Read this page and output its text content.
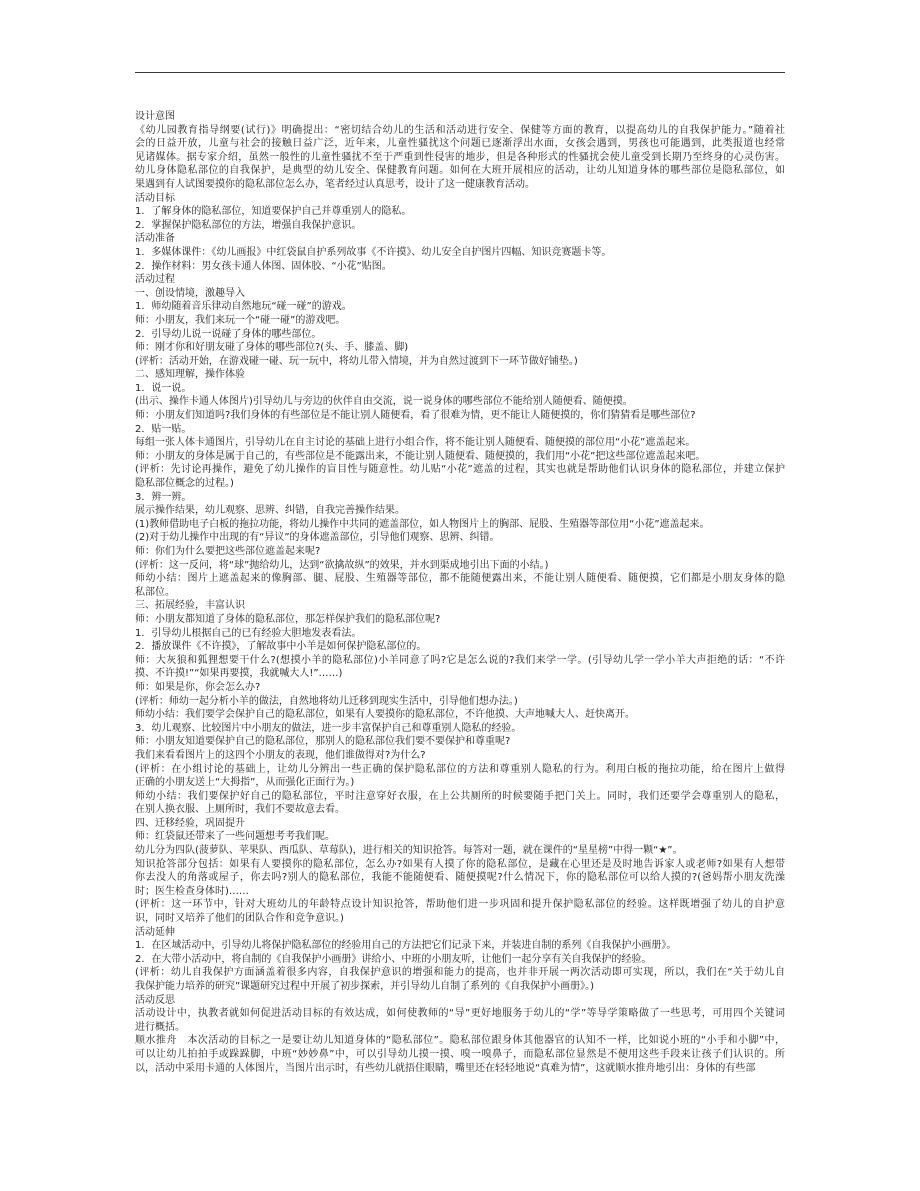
设计意图
《幼儿园教育指导纲要(试行)》明确提出：“密切结合幼儿的生活和活动进行安全、保健等方面的教育，以提高幼儿的自我保护能力。”随着社
会的日益开放，儿童与社会的接触日益广泛，近年来，儿童性骚扰这个问题已逐渐浮出水面，女孩会遇到，男孩也可能遇到，此类报道也经常
见诸媒体。据专家介绍，虽然一般性的儿童性骚扰不至于严重到性侵害的地步，但是各种形式的性骚扰会使儿童受到长期乃至终身的心灵伤害。
幼儿身体隐私部位的自我保护，是典型的幼儿安全、保健教育问题。如何在大班开展相应的活动，让幼儿知道身体的哪些部位是隐私部位，如
果遇到有人试图要摸你的隐私部位怎么办，笔者经过认真思考，设计了这一健康教育活动。
活动目标
1．了解身体的隐私部位，知道要保护自己并尊重别人的隐私。
2．掌握保护隐私部位的方法，增强自我保护意识。
活动准备
1．多媒体课件：《幼儿画报》中红袋鼠自护系列故事《不许摸》、幼儿安全自护图片四幅、知识竞赛题卡等。
2．操作材料：男女孩卡通人体图、固体胶、“小花”贴图。
活动过程
一、创设情境，激趣导入
1．师幼随着音乐律动自然地玩“碰一碰”的游戏。
师：小朋友，我们来玩一个“碰一碰”的游戏吧。
2．引导幼儿说一说碰了身体的哪些部位。
师：刚才你和好朋友碰了身体的哪些部位?(头、手、膝盖、脚)
(评析：活动开始，在游戏碰一碰、玩一玩中，将幼儿带入情境，并为自然过渡到下一环节做好铺垫。)
二、感知理解，操作体验
1．说一说。
(出示、操作卡通人体图片)引导幼儿与旁边的伙伴自由交流，说一说身体的哪些部位不能给别人随便看、随便摸。
师：小朋友们知道吗?我们身体的有些部位是不能让别人随便看，看了很难为情，更不能让人随便摸的，你们猜猜看是哪些部位?
2．贴一贴。
每组一张人体卡通图片，引导幼儿在自主讨论的基础上进行小组合作，将不能让别人随便看、随便摸的部位用“小花”遮盖起来。
师：小朋友的身体是属于自己的，有些部位是不能露出来，不能让别人随便看、随便摸的，我们用“小花”把这些部位遮盖起来吧。
(评析：先讨论再操作，避免了幼儿操作的盲目性与随意性。幼儿贴“小花”遮盖的过程，其实也就是帮助他们认识身体的隐私部位，并建立保护
隐私部位概念的过程。)
3．辨一辨。
展示操作结果，幼儿观察、思辨、纠错，自我完善操作结果。
(1)教师借助电子白板的拖拉功能，将幼儿操作中共同的遮盖部位，如人物图片上的胸部、屁股、生殖器等部位用“小花”遮盖起来。
(2)对于幼儿操作中出现的有“异议”的身体遮盖部位，引导他们观察、思辨、纠错。
师：你们为什么要把这些部位遮盖起来呢?
(评析：这一反问，将“球”抛给幼儿，达到“欲擒故纵”的效果，并水到渠成地引出下面的小结。)
师幼小结：图片上遮盖起来的像胸部、腿、屁股、生殖器等部位，都不能随便露出来，不能让别人随便看、随便摸，它们都是小朋友身体的隐
私部位。
三、拓展经验，丰富认识
师：小朋友都知道了身体的隐私部位，那怎样保护我们的隐私部位呢?
1．引导幼儿根据自己的已有经验大胆地发表看法。
2．播放课件《不许摸》，了解故事中小羊是如何保护隐私部位的。
师：大灰狼和狐狸想要干什么?(想摸小羊的隐私部位)小羊同意了吗?它是怎么说的?我们来学一学。(引导幼儿学一学小羊大声拒绝的话：“不许
摸、不许摸!”“如果再要摸，我就喊大人!”……)
师：如果是你，你会怎么办?
(评析：师幼一起分析小羊的做法，自然地将幼儿迁移到现实生活中，引导他们想办法。)
师幼小结：我们要学会保护自己的隐私部位，如果有人要摸你的隐私部位，不许他摸、大声地喊大人、赶快离开。
3．幼儿观察、比较图片中小朋友的做法，进一步丰富保护自己和尊重别人隐私的经验。
师：小朋友知道要保护自己的隐私部位，那别人的隐私部位我们要不要保护和尊重呢?
我们来看看图片上的这四个小朋友的表现，他们谁做得对?为什么?
(评析：在小组讨论的基础上，让幼儿分辨出一些正确的保护隐私部位的方法和尊重别人隐私的行为。利用白板的拖拉功能，给在图片上做得
正确的小朋友送上“大拇指”，从而强化正面行为。)
师幼小结：我们要保护好自己的隐私部位，平时注意穿好衣服，在上公共厕所的时候要随手把门关上。同时，我们还要学会尊重别人的隐私，
在别人换衣服、上厕所时，我们不要故意去看。
四、迁移经验，巩固提升
师：红袋鼠还带来了一些问题想考考我们呢。
幼儿分为四队(菠萝队、苹果队、西瓜队、草莓队)，进行相关的知识抢答。每答对一题，就在课件的“星星榜”中得一颗“★”。
知识抢答部分包括：如果有人要摸你的隐私部位，怎么办?如果有人摸了你的隐私部位，是藏在心里还是及时地告诉家人或老师?如果有人想带
你去没人的角落或屋子，你去吗?别人的隐私部位，我能不能随便看、随便摸呢?什么情况下，你的隐私部位可以给人摸的?(爸妈帮小朋友洗澡
时；医生检查身体时)……
(评析：这一环节中，针对大班幼儿的年龄特点设计知识抢答，帮助他们进一步巩固和提升保护隐私部位的经验。这样既增强了幼儿的自护意
识，同时又培养了他们的团队合作和竞争意识。)
活动延伸
1．在区域活动中，引导幼儿将保护隐私部位的经验用自己的方法把它们记录下来，并装进自制的系列《自我保护小画册》。
2．在大带小活动中，将自制的《自我保护小画册》讲给小、中班的小朋友听，让他们一起分享有关自我保护的经验。
(评析：幼儿自我保护方面涵盖着很多内容，自我保护意识的增强和能力的提高，也并非开展一两次活动即可实现，所以，我们在“关于幼儿自
我保护能力培养的研究”课题研究过程中开展了初步探索，并引导幼儿自制了系列的《自我保护小画册》。)
活动反思
活动设计中，执教者就如何促进活动目标的有效达成，如何使教师的“导”更好地服务于幼儿的“学”等导学策略做了一些思考，可用四个关键词
进行概括。
顺水推舟　本次活动的目标之一是要让幼儿知道身体的“隐私部位”。隐私部位跟身体其他器官的认知不一样，比如说小班的“小手和小脚”中，
可以让幼儿拍拍手或跺跺脚，中班“妙妙鼻”中，可以引导幼儿摸一摸、嗅一嗅鼻子，而隐私部位显然是不便用这些手段来让孩子们认识的。所
以，活动中采用卡通的人体图片，当图片出示时，有些幼儿就捂住眼睛，嘴里还在轻轻地说“真难为情”，这就顺水推舟地引出：身体的有些部
